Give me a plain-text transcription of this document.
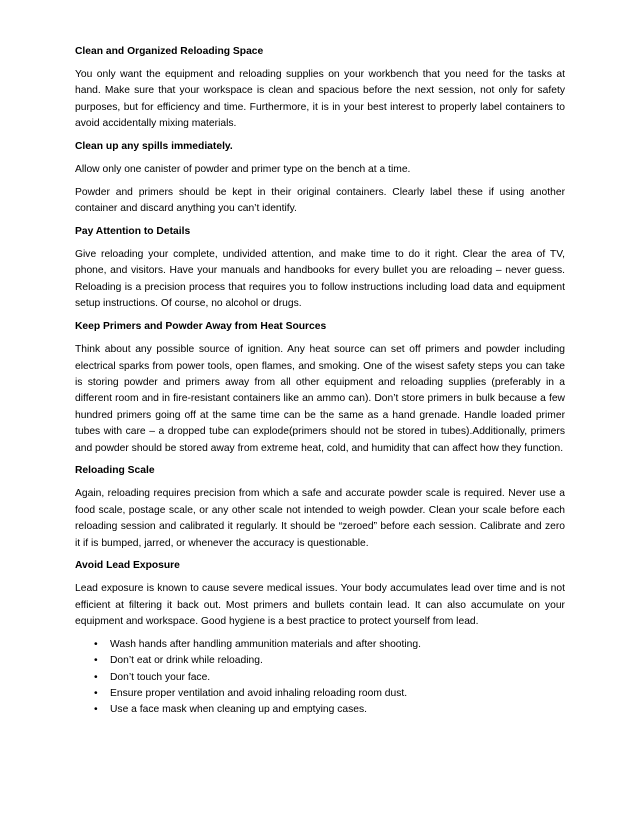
Clean and Organized Reloading Space

You only want the equipment and reloading supplies on your workbench that you need for the tasks at hand. Make sure that your workspace is clean and spacious before the next session, not only for safety purposes, but for efficiency and time. Furthermore, it is in your best interest to properly label containers to avoid accidentally mixing materials.

Clean up any spills immediately.

Allow only one canister of powder and primer type on the bench at a time.

Powder and primers should be kept in their original containers. Clearly label these if using another container and discard anything you can’t identify.

Pay Attention to Details

Give reloading your complete, undivided attention, and make time to do it right. Clear the area of TV, phone, and visitors. Have your manuals and handbooks for every bullet you are reloading – never guess. Reloading is a precision process that requires you to follow instructions including load data and equipment setup instructions. Of course, no alcohol or drugs.

Keep Primers and Powder Away from Heat Sources

Think about any possible source of ignition. Any heat source can set off primers and powder including electrical sparks from power tools, open flames, and smoking. One of the wisest safety steps you can take is storing powder and primers away from all other equipment and reloading supplies (preferably in a different room and in fire-resistant containers like an ammo can). Don’t store primers in bulk because a few hundred primers going off at the same time can be the same as a hand grenade. Handle loaded primer tubes with care – a dropped tube can explode(primers should not be stored in tubes).Additionally, primers and powder should be stored away from extreme heat, cold, and humidity that can affect how they function.

Reloading Scale

Again, reloading requires precision from which a safe and accurate powder scale is required. Never use a food scale, postage scale, or any other scale not intended to weigh powder. Clean your scale before each reloading session and calibrated it regularly. It should be “zeroed” before each session. Calibrate and zero it if is bumped, jarred, or whenever the accuracy is questionable.

Avoid Lead Exposure

Lead exposure is known to cause severe medical issues. Your body accumulates lead over time and is not efficient at filtering it back out. Most primers and bullets contain lead. It can also accumulate on your equipment and workspace. Good hygiene is a best practice to protect yourself from lead.

• Wash hands after handling ammunition materials and after shooting.
• Don’t eat or drink while reloading.
• Don’t touch your face.
• Ensure proper ventilation and avoid inhaling reloading room dust.
• Use a face mask when cleaning up and emptying cases.
